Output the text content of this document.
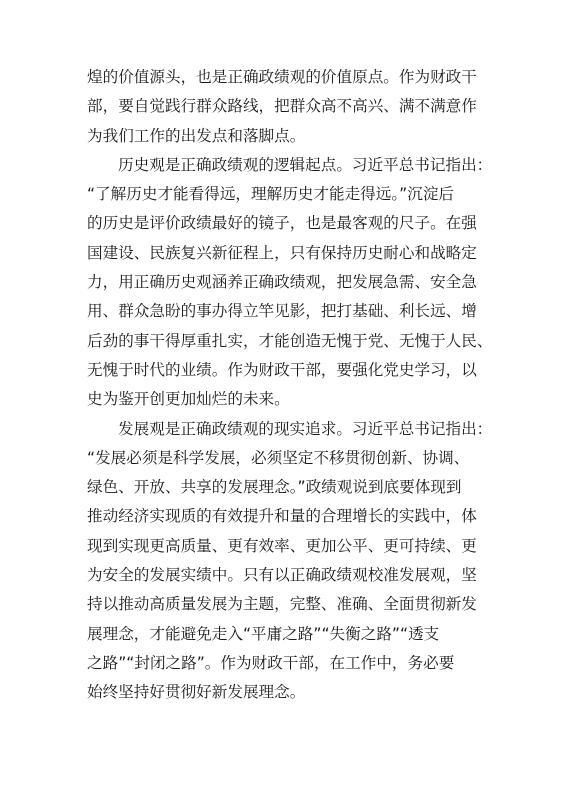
煌的价值源头，也是正确政绩观的价值原点。作为财政干
部，要自觉践行群众路线，把群众高不高兴、满不满意作
为我们工作的出发点和落脚点。
历史观是正确政绩观的逻辑起点。习近平总书记指出：
“了解历史才能看得远，理解历史才能走得远。”沉淀后
的历史是评价政绩最好的镜子，也是最客观的尺子。在强
国建设、民族复兴新征程上，只有保持历史耐心和战略定
力，用正确历史观涵养正确政绩观，把发展急需、安全急
用、群众急盼的事办得立竿见影，把打基础、利长远、增
后劲的事干得厚重扎实，才能创造无愧于党、无愧于人民、
无愧于时代的业绩。作为财政干部，要强化党史学习，以
史为鉴开创更加灿烂的未来。
发展观是正确政绩观的现实追求。习近平总书记指出：
“发展必须是科学发展，必须坚定不移贯彻创新、协调、
绿色、开放、共享的发展理念。”政绩观说到底要体现到
推动经济实现质的有效提升和量的合理增长的实践中，体
现到实现更高质量、更有效率、更加公平、更可持续、更
为安全的发展实绩中。只有以正确政绩观校准发展观，坚
持以推动高质量发展为主题，完整、准确、全面贯彻新发
展理念，才能避免走入“平庸之路”“失衡之路”“透支
之路”“封闭之路”。作为财政干部，在工作中，务必要
始终坚持好贯彻好新发展理念。
